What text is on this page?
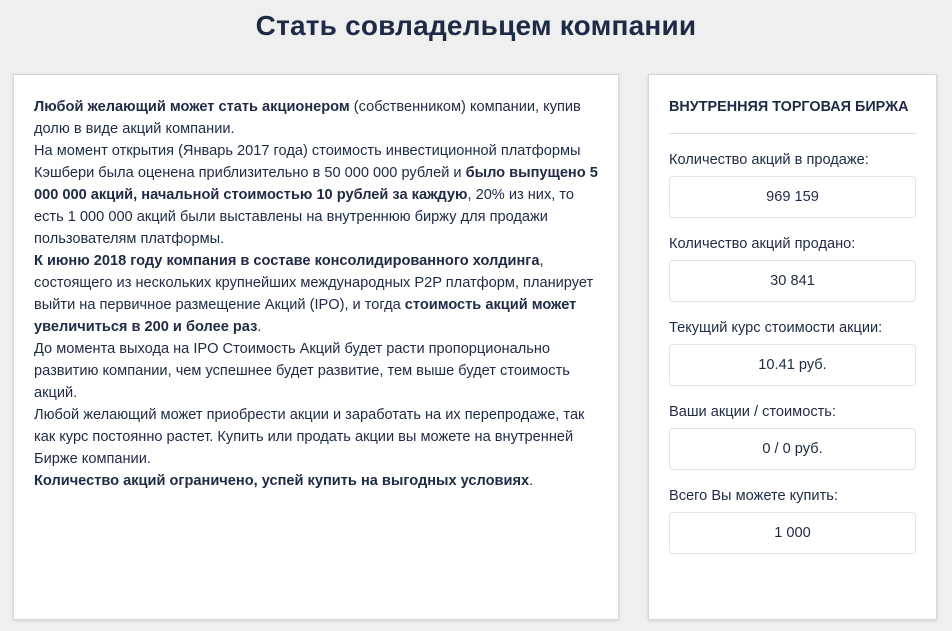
Стать совладельцем компании
Любой желающий может стать акционером (собственником) компании, купив долю в виде акций компании.
На момент открытия (Январь 2017 года) стоимость инвестиционной платформы Кэшбери была оценена приблизительно в 50 000 000 рублей и было выпущено 5 000 000 акций, начальной стоимостью 10 рублей за каждую, 20% из них, то есть 1 000 000 акций были выставлены на внутреннюю биржу для продажи пользователям платформы.
К июню 2018 году компания в составе консолидированного холдинга, состоящего из нескольких крупнейших международных P2P платформ, планирует выйти на первичное размещение Акций (IPO), и тогда стоимость акций может увеличиться в 200 и более раз.
До момента выхода на IPO Стоимость Акций будет расти пропорционально развитию компании, чем успешнее будет развитие, тем выше будет стоимость акций.
Любой желающий может приобрести акции и заработать на их перепродаже, так как курс постоянно растет. Купить или продать акции вы можете на внутренней Бирже компании.
Количество акций ограничено, успей купить на выгодных условиях.
ВНУТРЕННЯЯ ТОРГОВАЯ БИРЖА
Количество акций в продаже:
969 159
Количество акций продано:
30 841
Текущий курс стоимости акции:
10.41 руб.
Ваши акции / стоимость:
0 / 0 руб.
Всего Вы можете купить:
1 000
